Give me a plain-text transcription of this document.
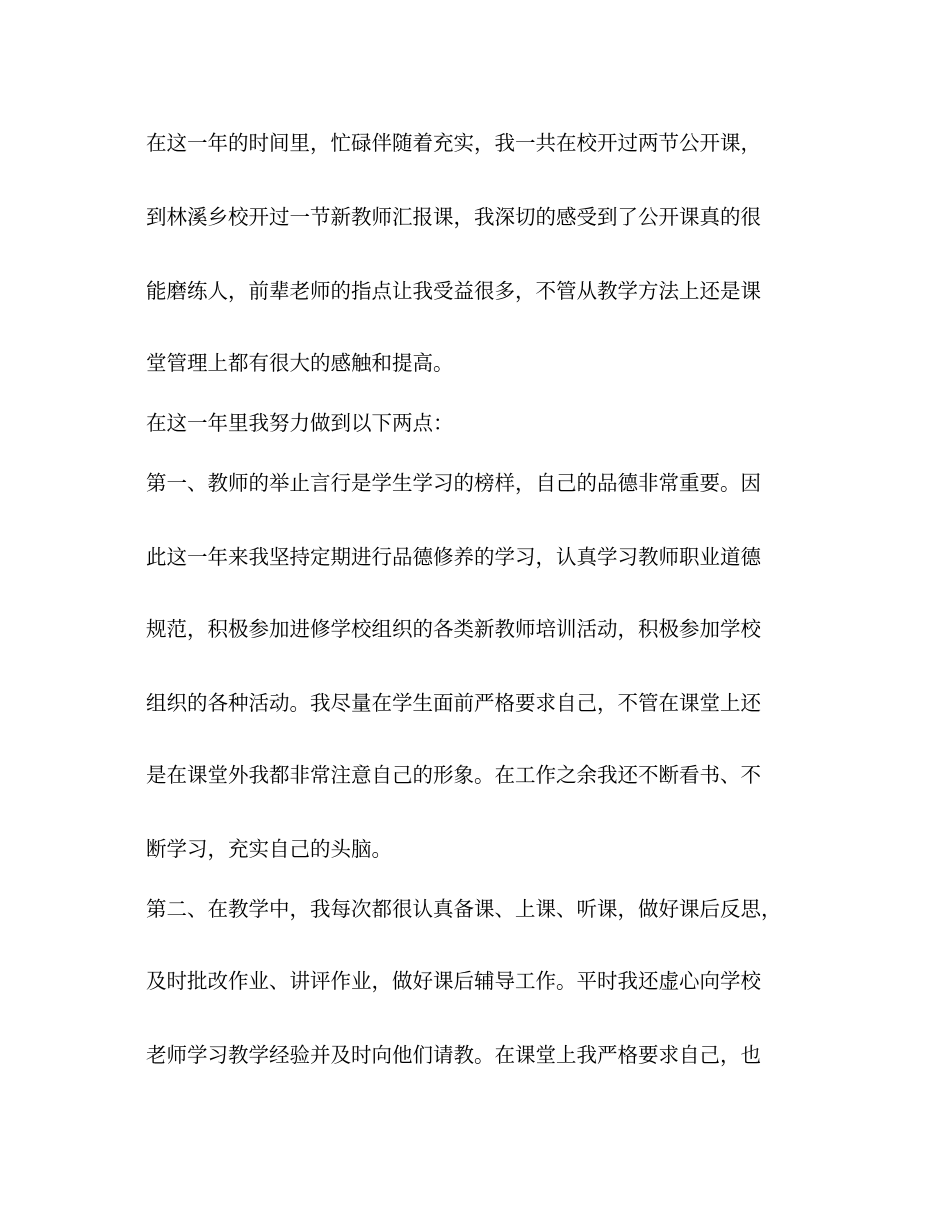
在这一年的时间里，忙碌伴随着充实，我一共在校开过两节公开课，
到林溪乡校开过一节新教师汇报课，我深切的感受到了公开课真的很
能磨练人，前辈老师的指点让我受益很多，不管从教学方法上还是课
堂管理上都有很大的感触和提高。
在这一年里我努力做到以下两点：
第一、教师的举止言行是学生学习的榜样，自己的品德非常重要。因
此这一年来我坚持定期进行品德修养的学习，认真学习教师职业道德
规范，积极参加进修学校组织的各类新教师培训活动，积极参加学校
组织的各种活动。我尽量在学生面前严格要求自己，不管在课堂上还
是在课堂外我都非常注意自己的形象。在工作之余我还不断看书、不
断学习，充实自己的头脑。
第二、在教学中，我每次都很认真备课、上课、听课，做好课后反思，
及时批改作业、讲评作业，做好课后辅导工作。平时我还虚心向学校
老师学习教学经验并及时向他们请教。在课堂上我严格要求自己，也
